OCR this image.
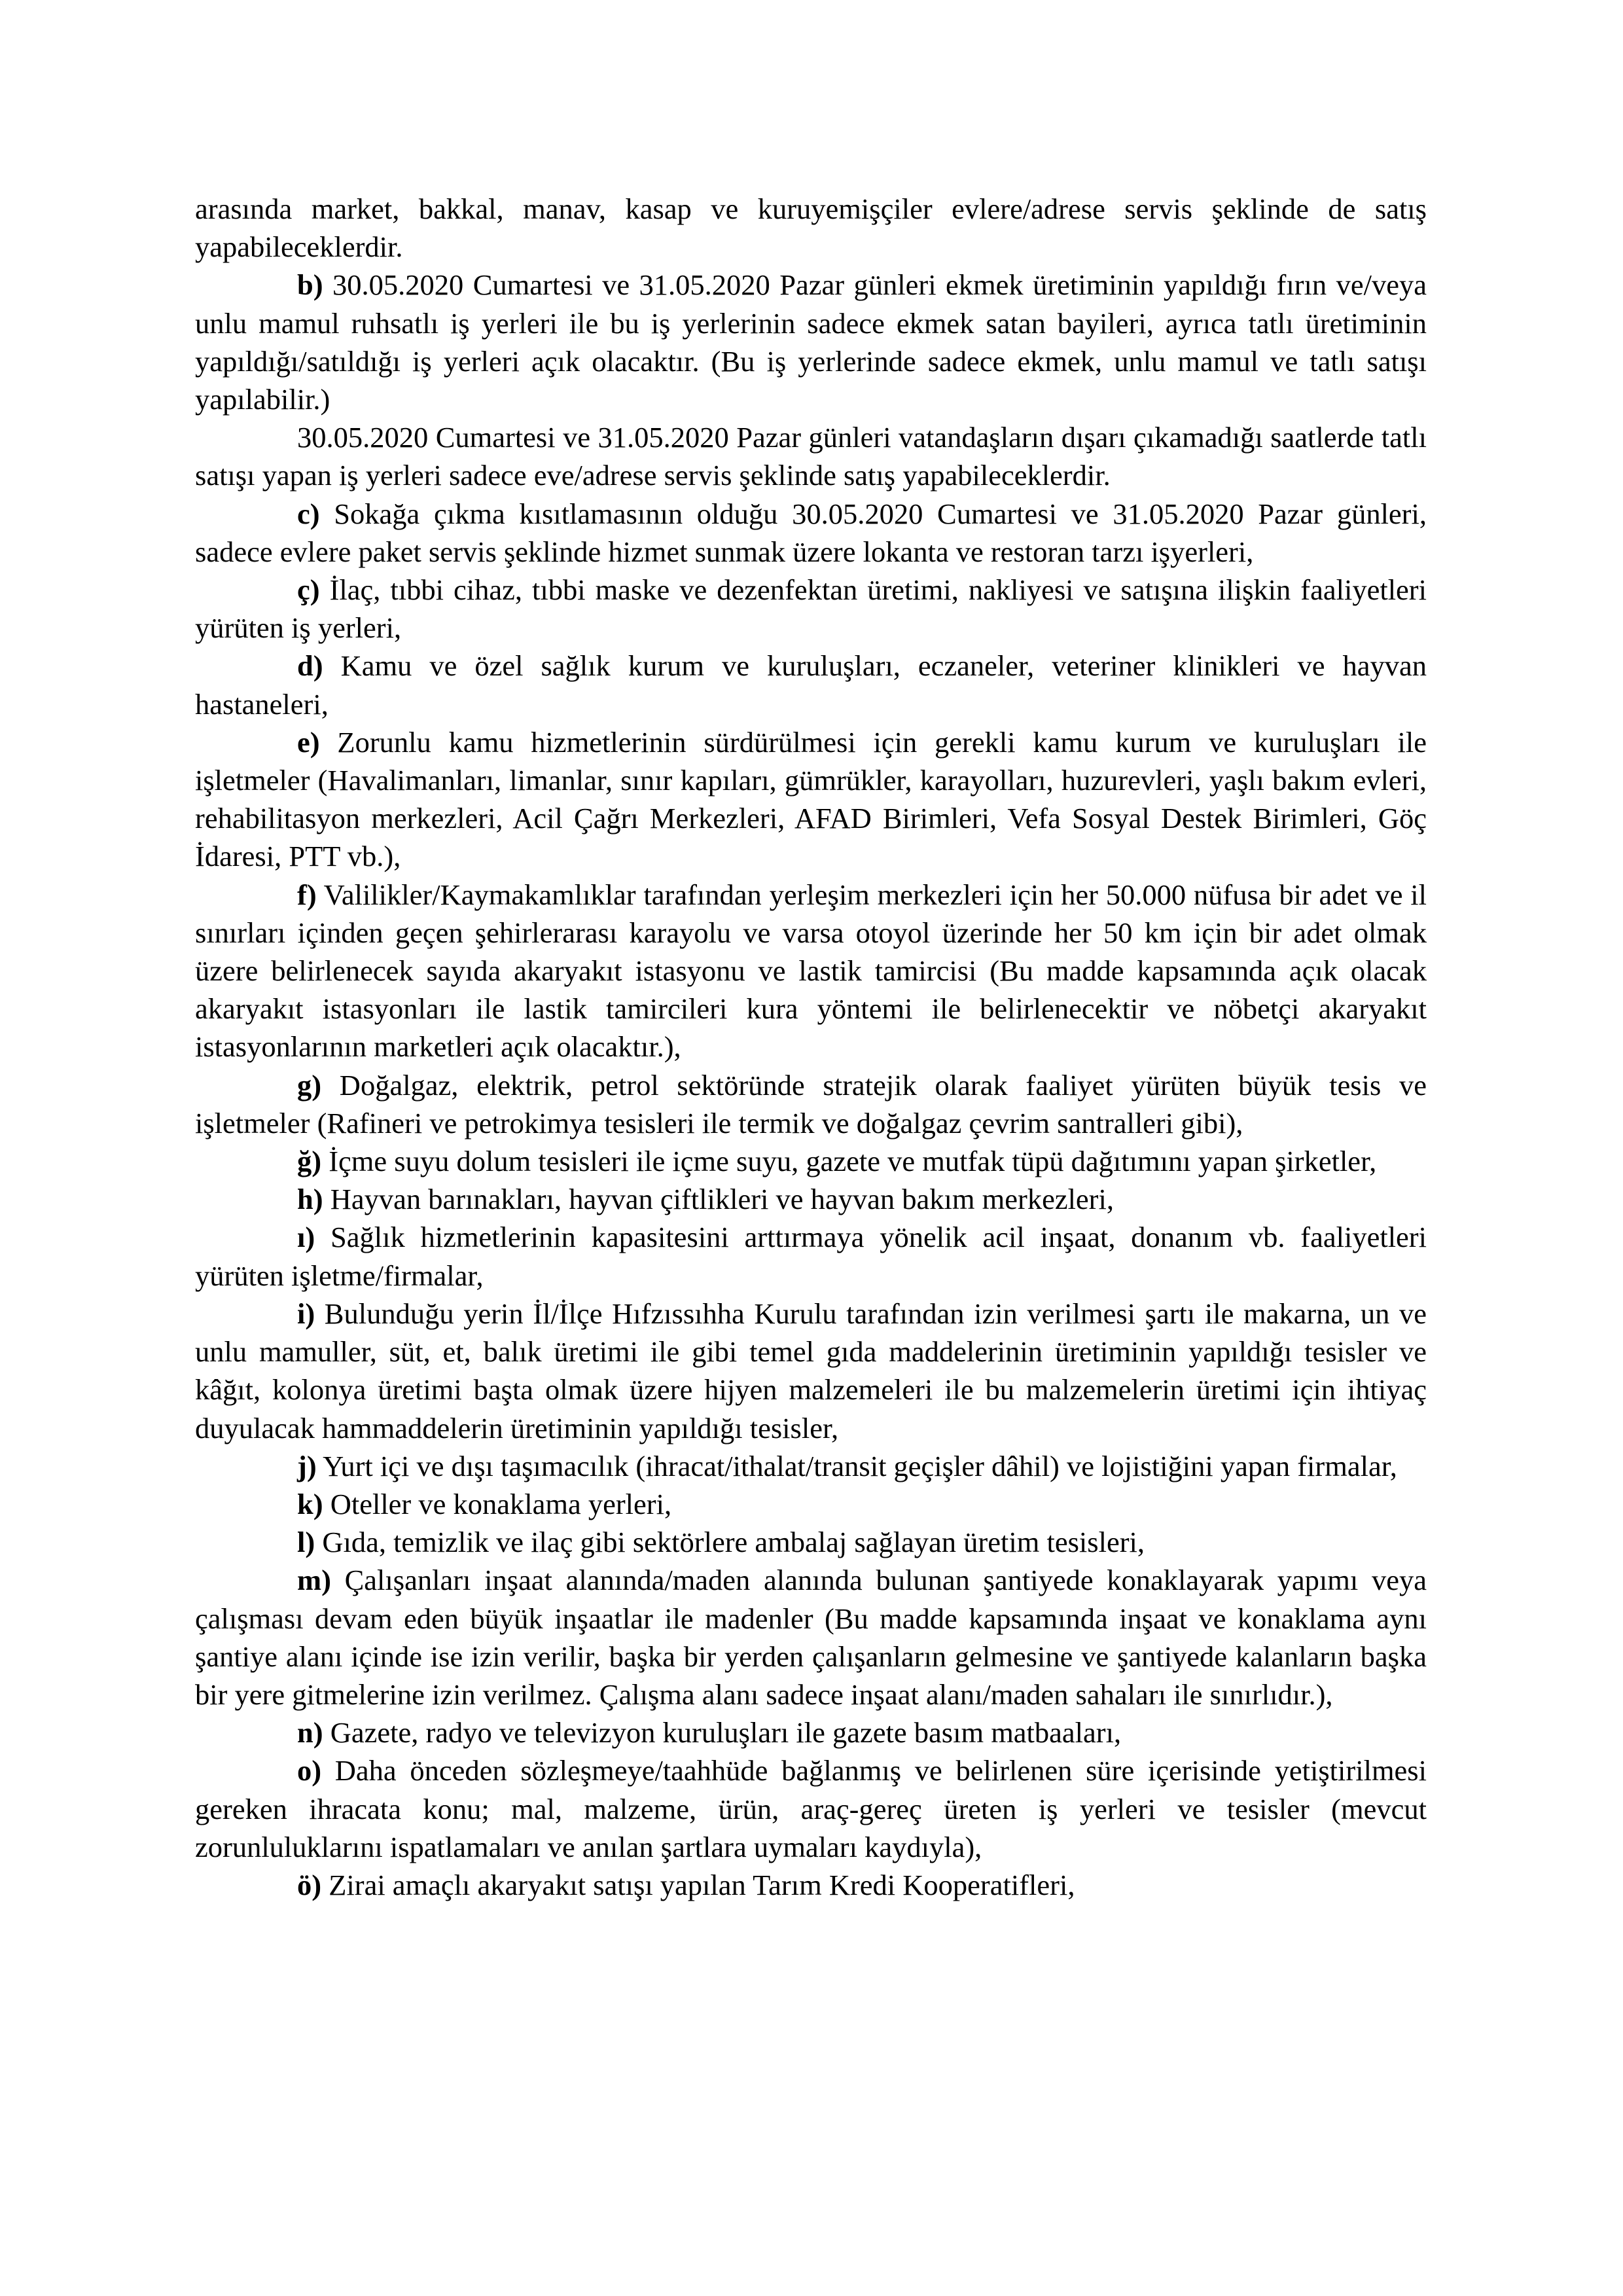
arasında market, bakkal, manav, kasap ve kuruyemişçiler evlere/adrese servis şeklinde de satış yapabileceklerdir.

b) 30.05.2020 Cumartesi ve 31.05.2020 Pazar günleri ekmek üretiminin yapıldığı fırın ve/veya unlu mamul ruhsatlı iş yerleri ile bu iş yerlerinin sadece ekmek satan bayileri, ayrıca tatlı üretiminin yapıldığı/satıldığı iş yerleri açık olacaktır. (Bu iş yerlerinde sadece ekmek, unlu mamul ve tatlı satışı yapılabilir.)

30.05.2020 Cumartesi ve 31.05.2020 Pazar günleri vatandaşların dışarı çıkamadığı saatlerde tatlı satışı yapan iş yerleri sadece eve/adrese servis şeklinde satış yapabileceklerdir.

c) Sokağa çıkma kısıtlamasının olduğu 30.05.2020 Cumartesi ve 31.05.2020 Pazar günleri, sadece evlere paket servis şeklinde hizmet sunmak üzere lokanta ve restoran tarzı işyerleri,

ç) İlaç, tıbbi cihaz, tıbbi maske ve dezenfektan üretimi, nakliyesi ve satışına ilişkin faaliyetleri yürüten iş yerleri,

d) Kamu ve özel sağlık kurum ve kuruluşları, eczaneler, veteriner klinikleri ve hayvan hastaneleri,

e) Zorunlu kamu hizmetlerinin sürdürülmesi için gerekli kamu kurum ve kuruluşları ile işletmeler (Havalimanları, limanlar, sınır kapıları, gümrükler, karayolları, huzurevleri, yaşlı bakım evleri, rehabilitasyon merkezleri, Acil Çağrı Merkezleri, AFAD Birimleri, Vefa Sosyal Destek Birimleri, Göç İdaresi, PTT vb.),

f) Valilikler/Kaymakamlıklar tarafından yerleşim merkezleri için her 50.000 nüfusa bir adet ve il sınırları içinden geçen şehirlerarası karayolu ve varsa otoyol üzerinde her 50 km için bir adet olmak üzere belirlenecek sayıda akaryakıt istasyonu ve lastik tamircisi (Bu madde kapsamında açık olacak akaryakıt istasyonları ile lastik tamircileri kura yöntemi ile belirlenecektir ve nöbetçi akaryakıt istasyonlarının marketleri açık olacaktır.),

g) Doğalgaz, elektrik, petrol sektöründe stratejik olarak faaliyet yürüten büyük tesis ve işletmeler (Rafineri ve petrokimya tesisleri ile termik ve doğalgaz çevrim santralleri gibi),

ğ) İçme suyu dolum tesisleri ile içme suyu, gazete ve mutfak tüpü dağıtımını yapan şirketler,

h) Hayvan barınakları, hayvan çiftlikleri ve hayvan bakım merkezleri,

ı) Sağlık hizmetlerinin kapasitesini arttırmaya yönelik acil inşaat, donanım vb. faaliyetleri yürüten işletme/firmalar,

i) Bulunduğu yerin İl/İlçe Hıfzıssıhha Kurulu tarafından izin verilmesi şartı ile makarna, un ve unlu mamuller, süt, et, balık üretimi ile gibi temel gıda maddelerinin üretiminin yapıldığı tesisler ve kâğıt, kolonya üretimi başta olmak üzere hijyen malzemeleri ile bu malzemelerin üretimi için ihtiyaç duyulacak hammaddelerin üretiminin yapıldığı tesisler,

j) Yurt içi ve dışı taşımacılık (ihracat/ithalat/transit geçişler dâhil) ve lojistiğini yapan firmalar,

k) Oteller ve konaklama yerleri,

l) Gıda, temizlik ve ilaç gibi sektörlere ambalaj sağlayan üretim tesisleri,

m) Çalışanları inşaat alanında/maden alanında bulunan şantiyede konaklayarak yapımı veya çalışması devam eden büyük inşaatlar ile madenler (Bu madde kapsamında inşaat ve konaklama aynı şantiye alanı içinde ise izin verilir, başka bir yerden çalışanların gelmesine ve şantiyede kalanların başka bir yere gitmelerine izin verilmez. Çalışma alanı sadece inşaat alanı/maden sahaları ile sınırlıdır.),

n) Gazete, radyo ve televizyon kuruluşları ile gazete basım matbaaları,

o) Daha önceden sözleşmeye/taahhüde bağlanmış ve belirlenen süre içerisinde yetiştirilmesi gereken ihracata konu; mal, malzeme, ürün, araç-gereç üreten iş yerleri ve tesisler (mevcut zorunluluklarını ispatlamaları ve anılan şartlara uymaları kaydıyla),

ö) Zirai amaçlı akaryakıt satışı yapılan Tarım Kredi Kooperatifleri,
